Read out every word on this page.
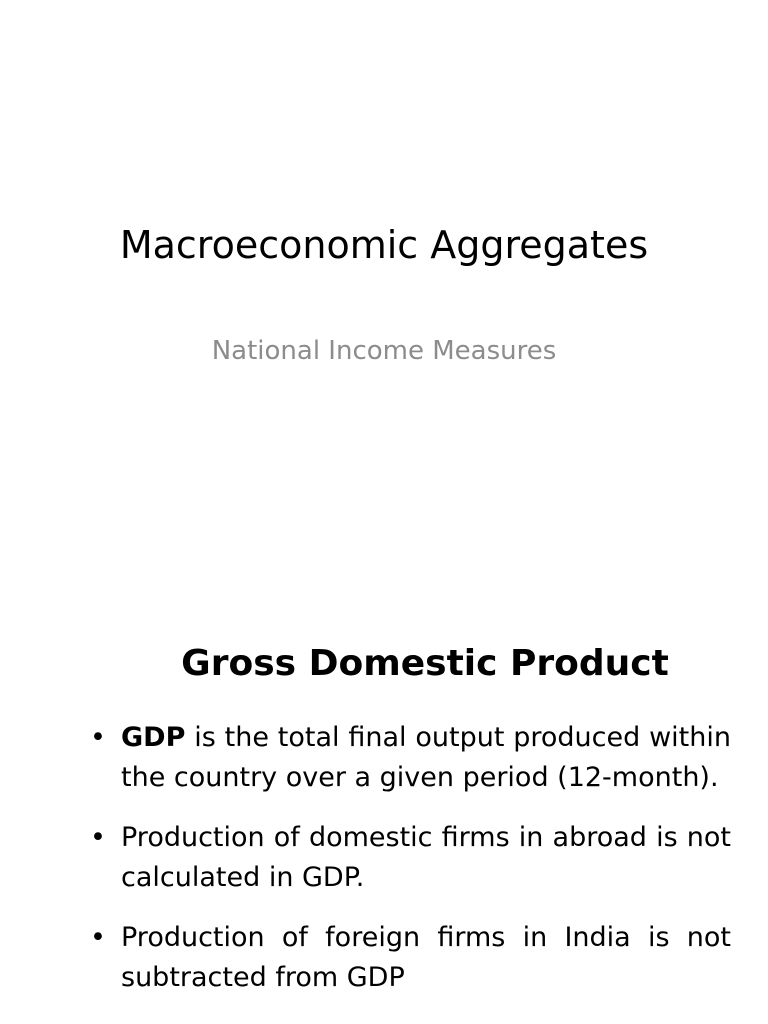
Macroeconomic Aggregates

National Income Measures

Gross Domestic Product
• GDP is the total final output produced within the country over a given period (12-month).
• Production of domestic firms in abroad is not calculated in GDP.
• Production of foreign firms in India is not subtracted from GDP
